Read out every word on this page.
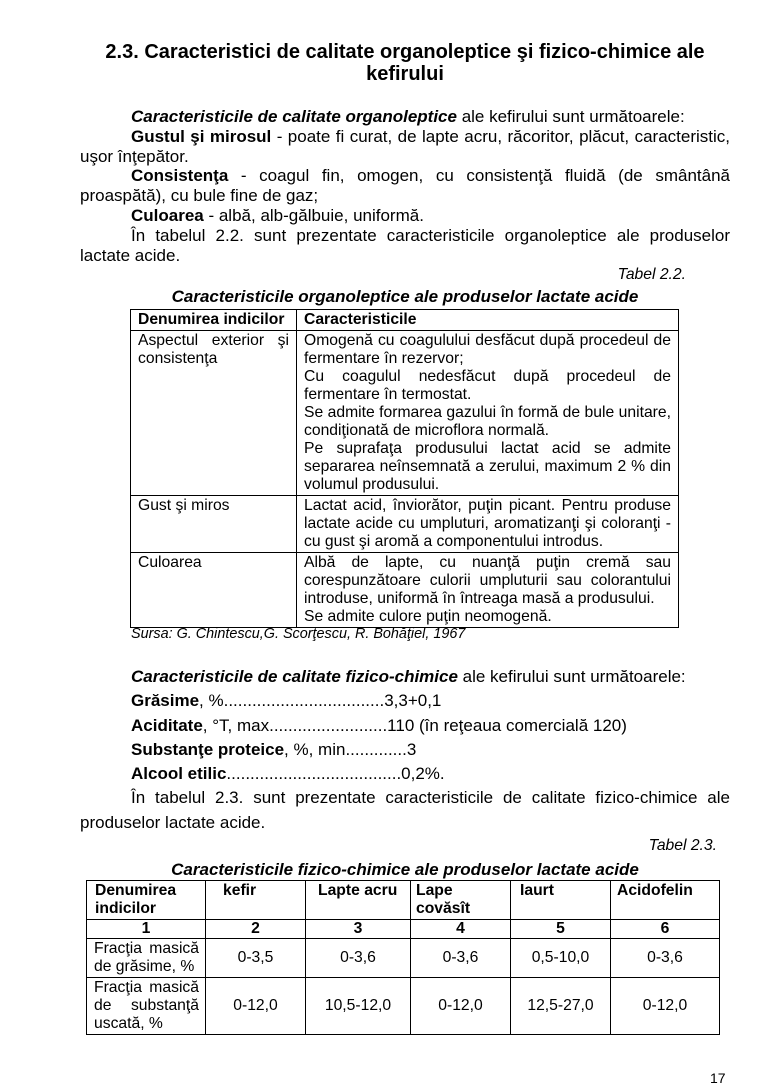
2.3. Caracteristici de calitate organoleptice şi fizico-chimice ale kefirului

Caracteristicile de calitate organoleptice ale kefirului sunt următoarele:

Gustul şi mirosul - poate fi curat, de lapte acru, răcoritor, plăcut, caracteristic, uşor înţepător.

Consistenţa - coagul fin, omogen, cu consistenţă fluidă (de smântână proaspătă), cu bule fine de gaz;

Culoarea - albă, alb-gălbuie, uniformă.

În tabelul 2.2. sunt prezentate caracteristicile organoleptice ale produselor lactate acide.

Tabel 2.2.
Caracteristicile organoleptice ale produselor lactate acide
Denumirea indicilor	Caracteristicile
Aspectul exterior şi consistenţa	Omogenă cu coagulului desfăcut după procedeul de fermentare în rezervor;
Cu coagulul nedesfăcut după procedeul de fermentare în termostat.
Se admite formarea gazului în formă de bule unitare, condiţionată de microflora normală.
Pe suprafaţa produsului lactat acid se admite separarea neînsemnată a zerului, maximum 2 % din volumul produsului.

Gust şi miros	Lactat acid, înviorător, puţin picant. Pentru produse lactate acide cu umpluturi, aromatizanţi şi coloranţi - cu gust şi aromă a componentului introdus.

Culoarea	Albă de lapte, cu nuanţă puţin cremă sau corespunzătoare culorii umpluturii sau colorantului introduse, uniformă în întreaga masă a produsului.
Se admite culore puţin neomogenă.
Sursa: G. Chintescu,G. Scorţescu, R. Bohăţiel, 1967

Caracteristicile de calitate fizico-chimice ale kefirului sunt următoarele:

Grăsime, %..................................3,3+0,1

Aciditate, °T, max.........................110 (în reţeaua comercială 120)

Substanţe proteice, %, min.............3

Alcool etilic.....................................0,2%.

În tabelul 2.3. sunt prezentate caracteristicile de calitate fizico-chimice ale produselor lactate acide.

Tabel 2.3.
Caracteristicile fizico-chimice ale produselor lactate acide
Denumirea indicilor	kefir	Lapte acru	Lape covăsît	Iaurt	Acidofelin
1	2	3	4	5	6
Fracţia masică de grăsime, %	0-3,5	0-3,6	0-3,6	0,5-10,0	0-3,6
Fracţia masică de substanţă uscată, %	0-12,0	10,5-12,0	0-12,0	12,5-27,0	0-12,0
17
